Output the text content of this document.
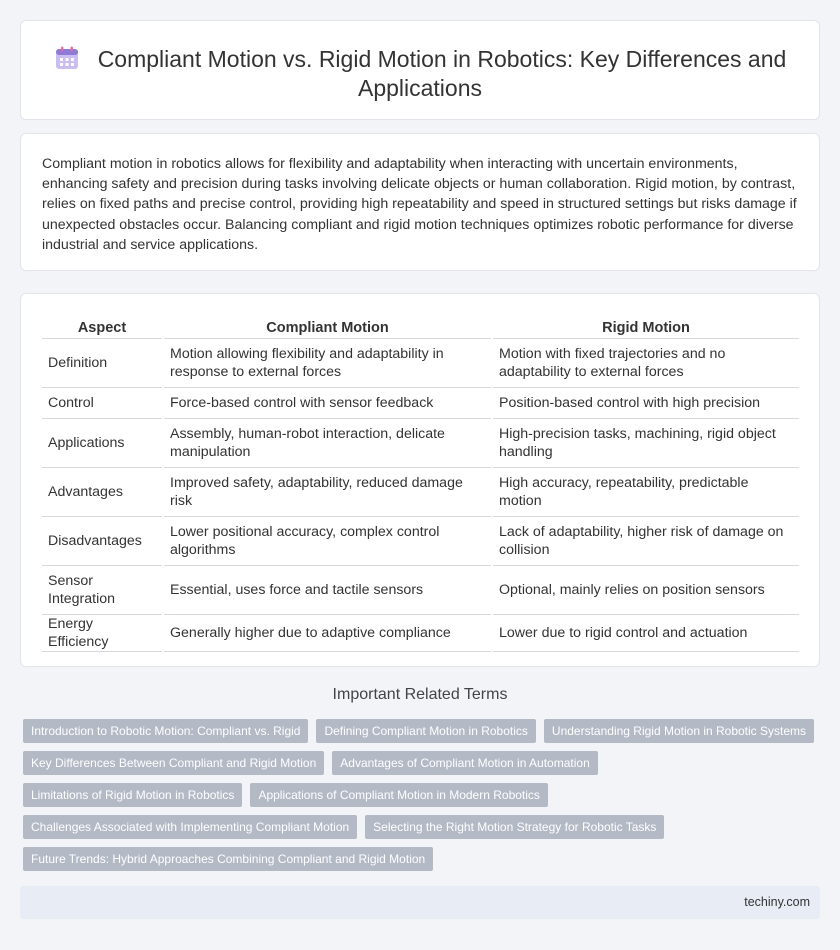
Compliant Motion vs. Rigid Motion in Robotics: Key Differences and Applications

Compliant motion in robotics allows for flexibility and adaptability when interacting with uncertain environments, enhancing safety and precision during tasks involving delicate objects or human collaboration. Rigid motion, by contrast, relies on fixed paths and precise control, providing high repeatability and speed in structured settings but risks damage if unexpected obstacles occur. Balancing compliant and rigid motion techniques optimizes robotic performance for diverse industrial and service applications.

Aspect	Compliant Motion	Rigid Motion
Definition	Motion allowing flexibility and adaptability in response to external forces	Motion with fixed trajectories and no adaptability to external forces
Control	Force-based control with sensor feedback	Position-based control with high precision
Applications	Assembly, human-robot interaction, delicate manipulation	High-precision tasks, machining, rigid object handling
Advantages	Improved safety, adaptability, reduced damage risk	High accuracy, repeatability, predictable motion
Disadvantages	Lower positional accuracy, complex control algorithms	Lack of adaptability, higher risk of damage on collision
Sensor Integration	Essential, uses force and tactile sensors	Optional, mainly relies on position sensors
Energy Efficiency	Generally higher due to adaptive compliance	Lower due to rigid control and actuation
Important Related Terms
Introduction to Robotic Motion: Compliant vs. Rigid	Defining Compliant Motion in Robotics	Understanding Rigid Motion in Robotic Systems
Key Differences Between Compliant and Rigid Motion	Advantages of Compliant Motion in Automation
Limitations of Rigid Motion in Robotics	Applications of Compliant Motion in Modern Robotics
Challenges Associated with Implementing Compliant Motion	Selecting the Right Motion Strategy for Robotic Tasks
Future Trends: Hybrid Approaches Combining Compliant and Rigid Motion
techiny.com
